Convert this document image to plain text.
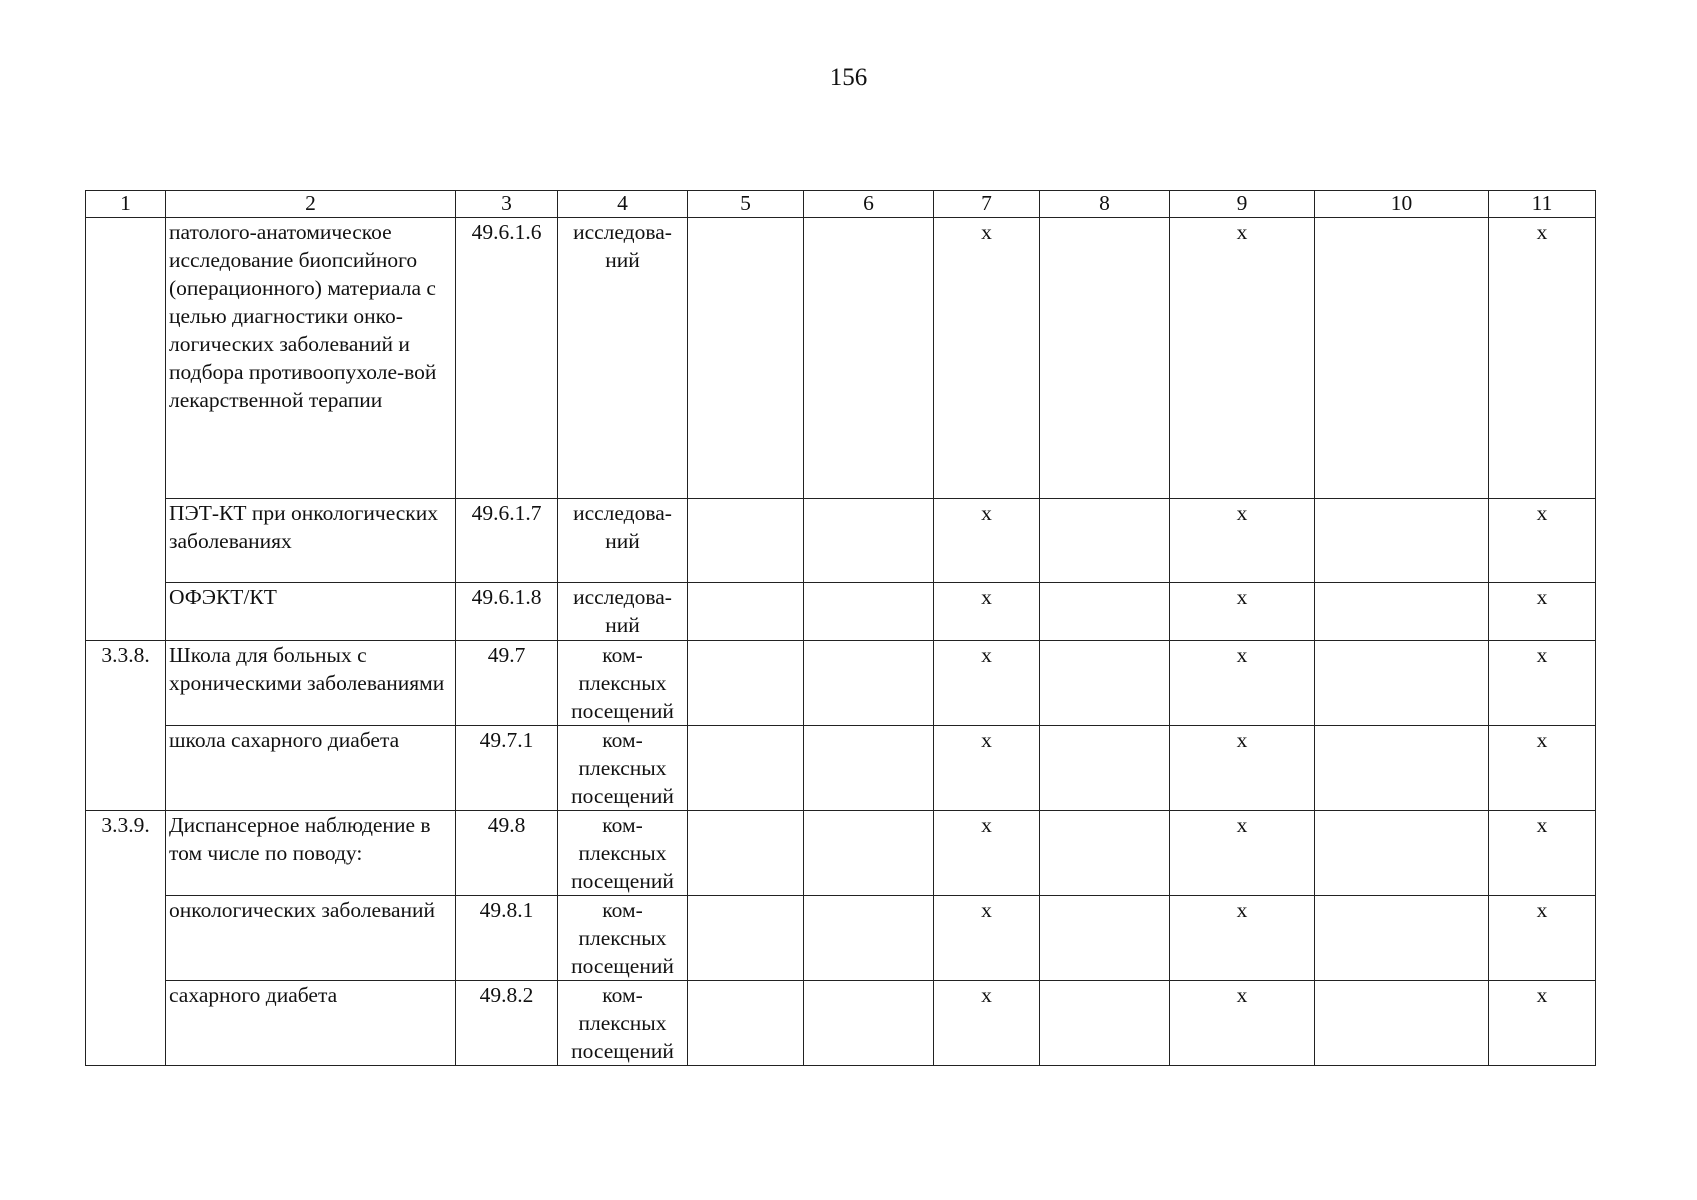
156
1	2	3	4	5	6	7	8	9	10	11
	патолого-анатомическое исследование биопсийного (операционного) материала с целью диагностики онко-логических заболеваний и подбора противоопухоле-вой лекарственной терапии	49.6.1.6	исследова-ний			х		х		х
	ПЭТ-КТ при онкологических заболеваниях	49.6.1.7	исследова-ний			х		х		х
	ОФЭКТ/КТ	49.6.1.8	исследова-ний			х		х		х
3.3.8.	Школа для больных с хроническими заболеваниями	49.7	ком-плексных посещений			х		х		х
	школа сахарного диабета	49.7.1	ком-плексных посещений			х		х		х
3.3.9.	Диспансерное наблюдение в том числе по поводу:	49.8	ком-плексных посещений			х		х		х
	онкологических заболеваний	49.8.1	ком-плексных посещений			х		х		х
	сахарного диабета	49.8.2	ком-плексных посещений			х		х		х
